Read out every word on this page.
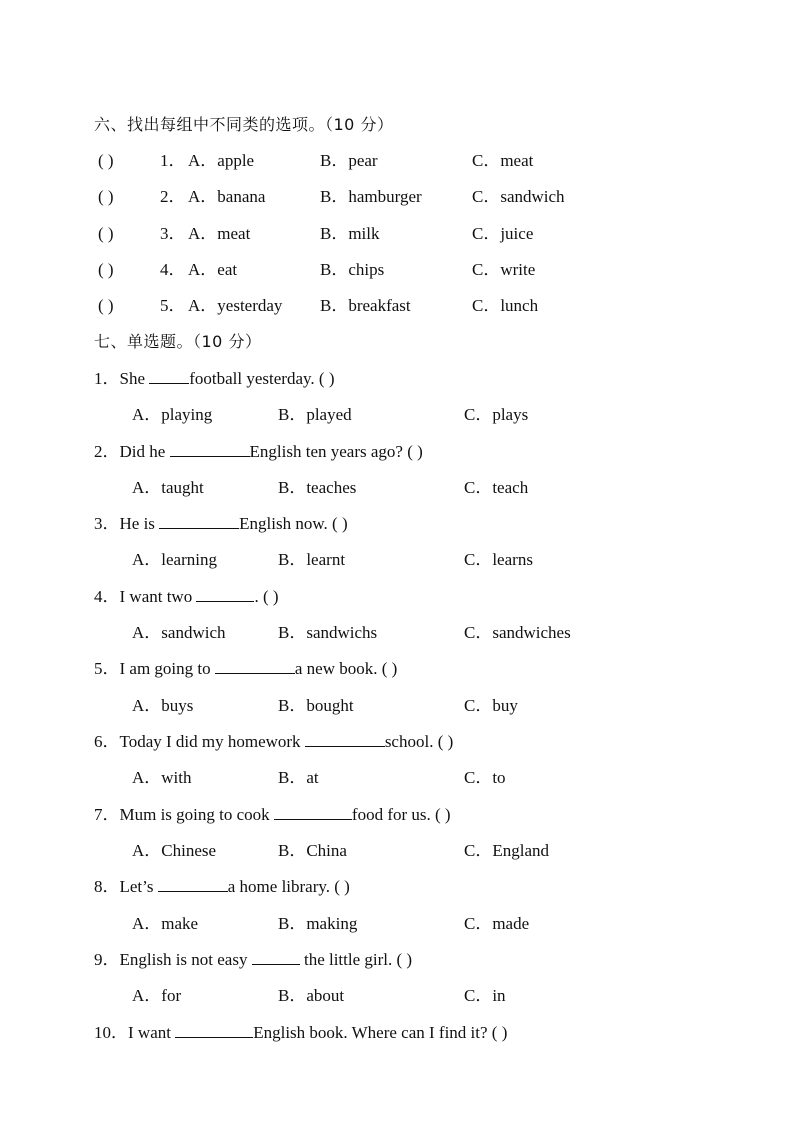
六、找出每组中不同类的选项。（10 分）
( )	1． A．apple	B．pear	C．meat
( )	2． A．banana	B．hamburger	C．sandwich
( )	3． A．meat	B．milk	C．juice
( )	4． A．eat	B．chips	C．write
( )	5． A．yesterday B．breakfast	C．lunch
七、单选题。（10 分）
1．She football yesterday. ( )
A．playing	B．played	C．plays
2．Did he	English ten years ago? ( )
A．taught	B．teaches	C．teach
3．He is	English now. ( )
A．learning	B．learnt	C．learns
4．I want two	. ( )
A．sandwich	B．sandwichs	C．sandwiches
5．I am going to	a new book. ( )
A．buys	B．bought	C．buy
6．Today I did my homework	school. ( )
A．with	B．at	C．to
7．Mum is going to cook	food for us. ( )
A．Chinese	B．China	C．England
8．Let’s	a home library. ( )
A．make	B．making	C．made
9．English is not easy	the little girl. ( )
A．for	B．about	C．in
10．I want	English book. Where can I find it? ( )
